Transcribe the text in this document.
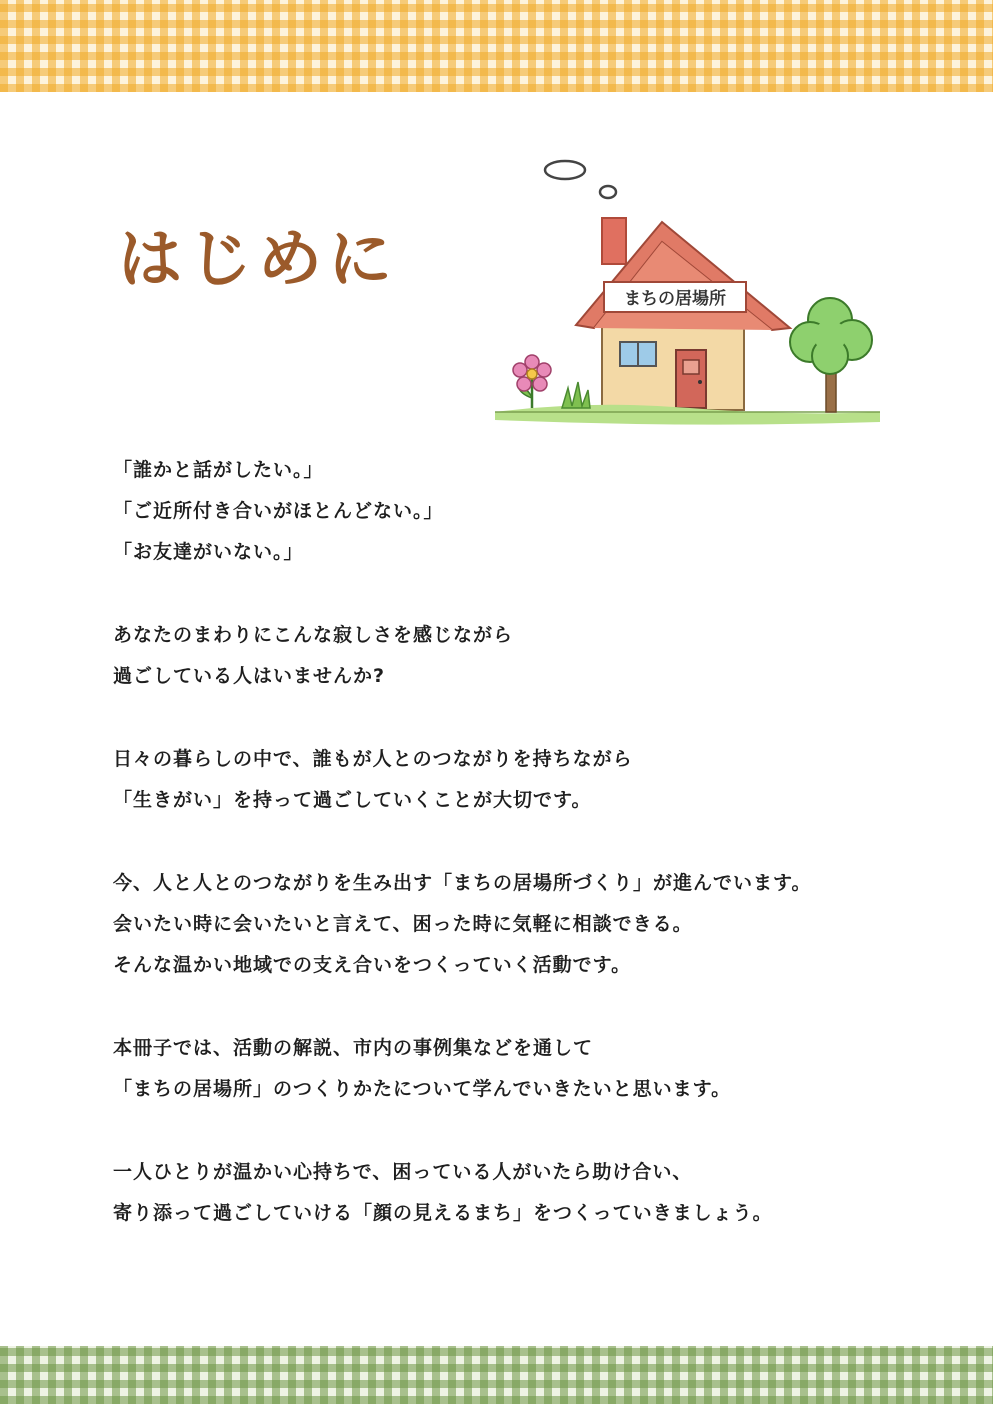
はじめに
まちの居場所
「誰かと話がしたい。」
「ご近所付き合いがほとんどない。」
「お友達がいない。」
あなたのまわりにこんな寂しさを感じながら
過ごしている人はいませんか?
日々の暮らしの中で、誰もが人とのつながりを持ちながら
「生きがい」を持って過ごしていくことが大切です。
今、人と人とのつながりを生み出す「まちの居場所づくり」が進んでいます。
会いたい時に会いたいと言えて、困った時に気軽に相談できる。
そんな温かい地域での支え合いをつくっていく活動です。
本冊子では、活動の解説、市内の事例集などを通して
「まちの居場所」のつくりかたについて学んでいきたいと思います。
一人ひとりが温かい心持ちで、困っている人がいたら助け合い、
寄り添って過ごしていける「顔の見えるまち」をつくっていきましょう。
